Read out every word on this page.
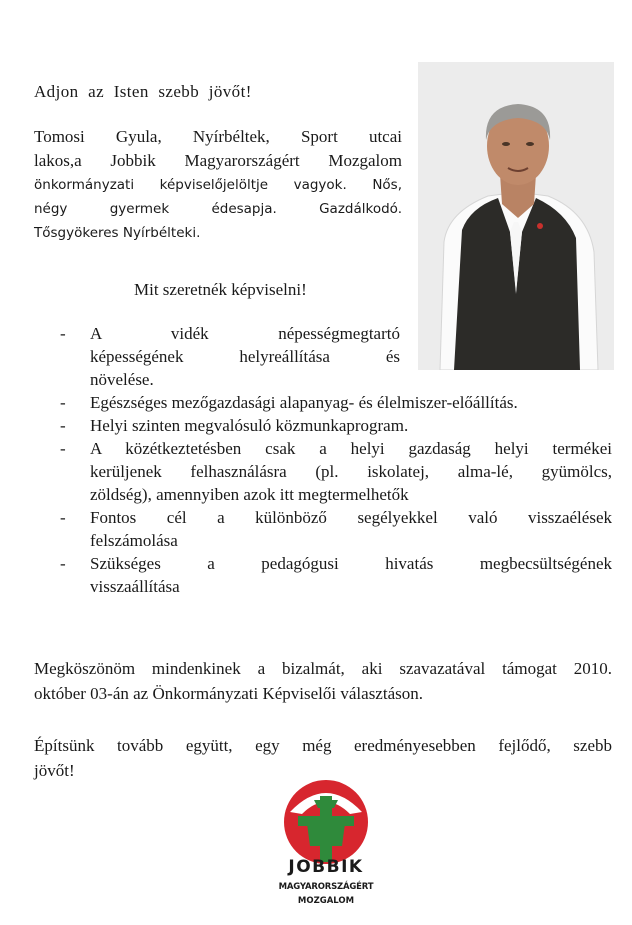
Adjon az Isten szebb jövőt!
Tomosi Gyula, Nyírbéltek, Sport utcai
lakos,a Jobbik Magyarországért Mozgalom
önkormányzati képviselőjelöltje vagyok. Nős,
négy gyermek édesapja. Gazdálkodó.
Tősgyökeres Nyírbélteki.
Mit szeretnék képviselni!
- A vidék népességmegtartó
képességének helyreállítása és
növelése.
- Egészséges mezőgazdasági alapanyag- és élelmiszer-előállítás.
- Helyi szinten megvalósuló közmunkaprogram.
- A közétkeztetésben csak a helyi gazdaság helyi termékei
kerüljenek felhasználásra (pl. iskolatej, alma-lé, gyümölcs,
zöldség), amennyiben azok itt megtermelhetők
- Fontos cél a különböző segélyekkel való visszaélések
felszámolása
- Szükséges a pedagógusi hivatás megbecsültségének
visszaállítása
Megköszönöm mindenkinek a bizalmát, aki szavazatával támogat 2010.
október 03-án az Önkormányzati Képviselői választáson.
Építsünk tovább együtt, egy még eredményesebben fejlődő, szebb
jövőt!
JOBBIK
MAGYARORSZÁGÉRT
MOZGALOM
